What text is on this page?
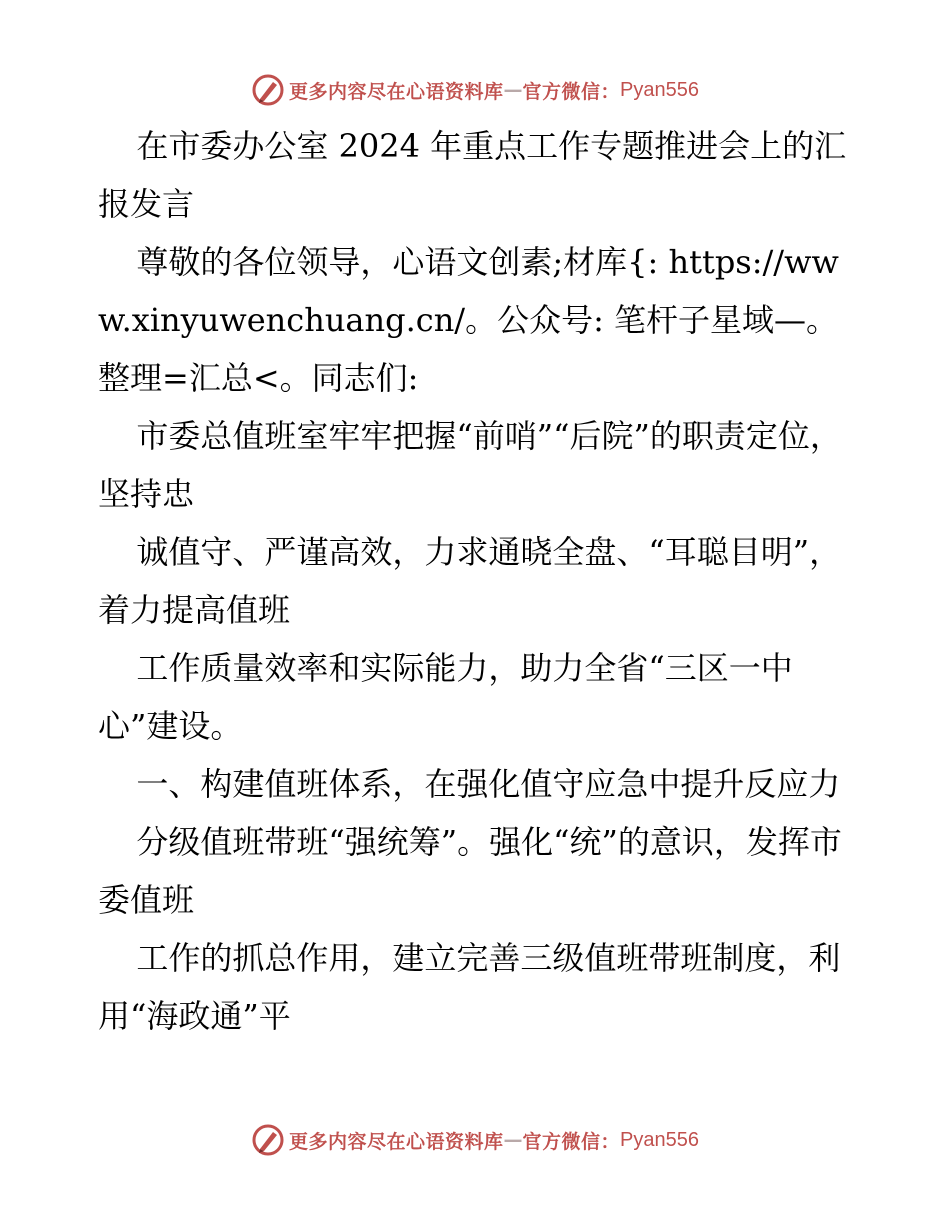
更多内容尽在心语资料库 — 官方微信： Pyan556

在市委办公室 2024 年重点工作专题推进会上的汇报发言

尊敬的各位领导，心语文创素;材库{: https://www.xinyuwenchuang.cn/。公众号: 笔杆子星域—。整理=汇总<。同志们:

市委总值班室牢牢把握“前哨”“后院”的职责定位，坚持忠

诚值守、严谨高效，力求通晓全盘、“耳聪目明”，着力提高值班

工作质量效率和实际能力，助力全省“三区一中心”建设。

一、构建值班体系，在强化值守应急中提升反应力

分级值班带班“强统筹”。强化“统”的意识，发挥市委值班

工作的抓总作用，建立完善三级值班带班制度，利用“海政通”平

更多内容尽在心语资料库 — 官方微信： Pyan556
